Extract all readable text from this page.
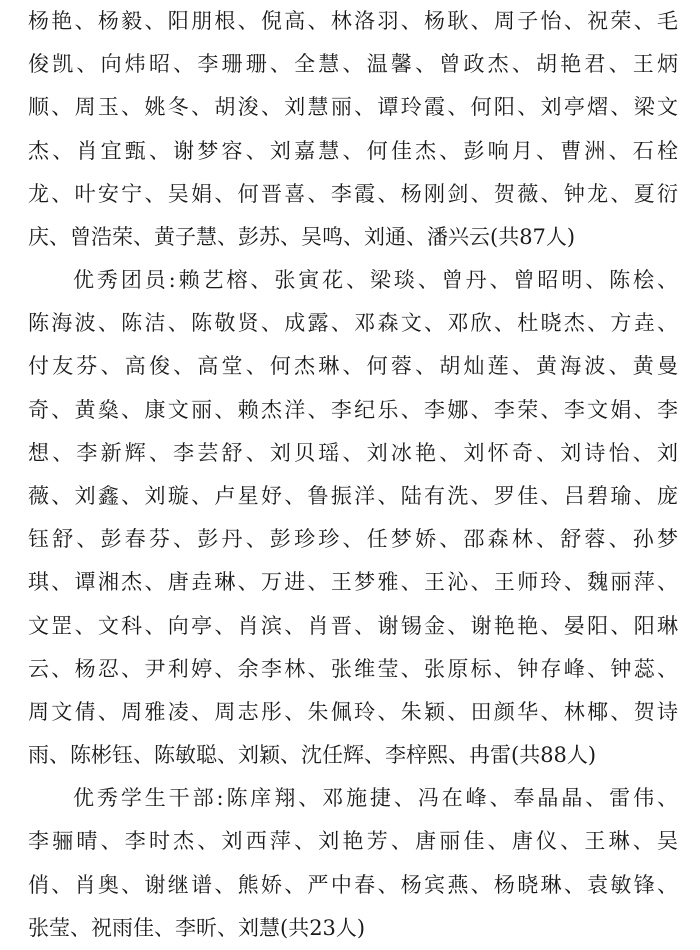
杨艳、杨毅、阳朋根、倪高、林洛羽、杨耿、周子怡、祝荣、毛
俊凯、向炜昭、李珊珊、全慧、温馨、曾政杰、胡艳君、王炳
顺、周玉、姚冬、胡浚、刘慧丽、谭玲霞、何阳、刘亭熠、梁文
杰、肖宜甄、谢梦容、刘嘉慧、何佳杰、彭响月、曹洲、石栓
龙、叶安宁、吴娟、何晋喜、李霞、杨刚剑、贺薇、钟龙、夏衍
庆、曾浩荣、黄子慧、彭苏、吴鸣、刘通、潘兴云(共87人)
优秀团员:赖艺榕、张寅花、梁琰、曾丹、曾昭明、陈桧、
陈海波、陈洁、陈敬贤、成露、邓森文、邓欣、杜晓杰、方垚、
付友芬、高俊、高堂、何杰琳、何蓉、胡灿莲、黄海波、黄曼
奇、黄燊、康文丽、赖杰洋、李纪乐、李娜、李荣、李文娟、李
想、李新辉、李芸舒、刘贝瑶、刘冰艳、刘怀奇、刘诗怡、刘
薇、刘鑫、刘璇、卢星妤、鲁振洋、陆有洗、罗佳、吕碧瑜、庞
钰舒、彭春芬、彭丹、彭珍珍、任梦娇、邵森林、舒蓉、孙梦
琪、谭湘杰、唐垚琳、万进、王梦雅、王沁、王师玲、魏丽萍、
文罡、文科、向亭、肖滨、肖晋、谢锡金、谢艳艳、晏阳、阳琳
云、杨忍、尹利婷、余李林、张维莹、张原标、钟存峰、钟蕊、
周文倩、周雅凌、周志彤、朱佩玲、朱颖、田颜华、林椰、贺诗
雨、陈彬钰、陈敏聪、刘颖、沈任辉、李梓熙、冉雷(共88人)
优秀学生干部:陈庠翔、邓施捷、冯在峰、奉晶晶、雷伟、
李骊晴、李时杰、刘西萍、刘艳芳、唐丽佳、唐仪、王琳、吴
俏、肖奥、谢继谱、熊娇、严中春、杨宾燕、杨晓琳、袁敏锋、
张莹、祝雨佳、李昕、刘慧(共23人)
